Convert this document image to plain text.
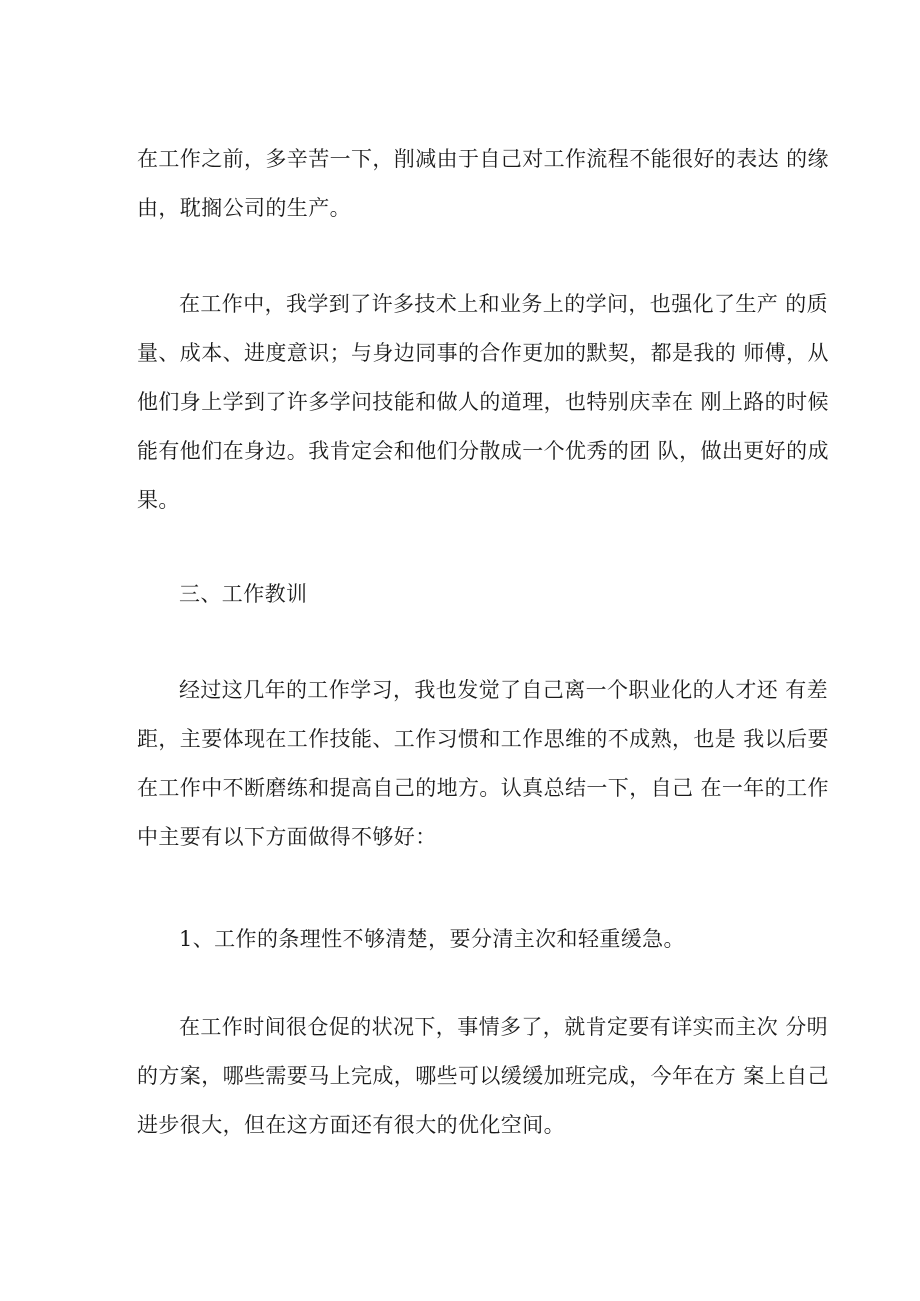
在工作之前，多辛苦一下，削减由于自己对工作流程不能很好的表达 的缘
由，耽搁公司的生产。
在工作中，我学到了许多技术上和业务上的学问，也强化了生产 的质
量、成本、进度意识；与身边同事的合作更加的默契，都是我的 师傅，从
他们身上学到了许多学问技能和做人的道理，也特别庆幸在 刚上路的时候
能有他们在身边。我肯定会和他们分散成一个优秀的团 队，做出更好的成
果。
三、工作教训
经过这几年的工作学习，我也发觉了自己离一个职业化的人才还 有差
距，主要体现在工作技能、工作习惯和工作思维的不成熟，也是 我以后要
在工作中不断磨练和提高自己的地方。认真总结一下，自己 在一年的工作
中主要有以下方面做得不够好：
1、工作的条理性不够清楚，要分清主次和轻重缓急。
在工作时间很仓促的状况下，事情多了，就肯定要有详实而主次 分明
的方案，哪些需要马上完成，哪些可以缓缓加班完成，今年在方 案上自己
进步很大，但在这方面还有很大的优化空间。
